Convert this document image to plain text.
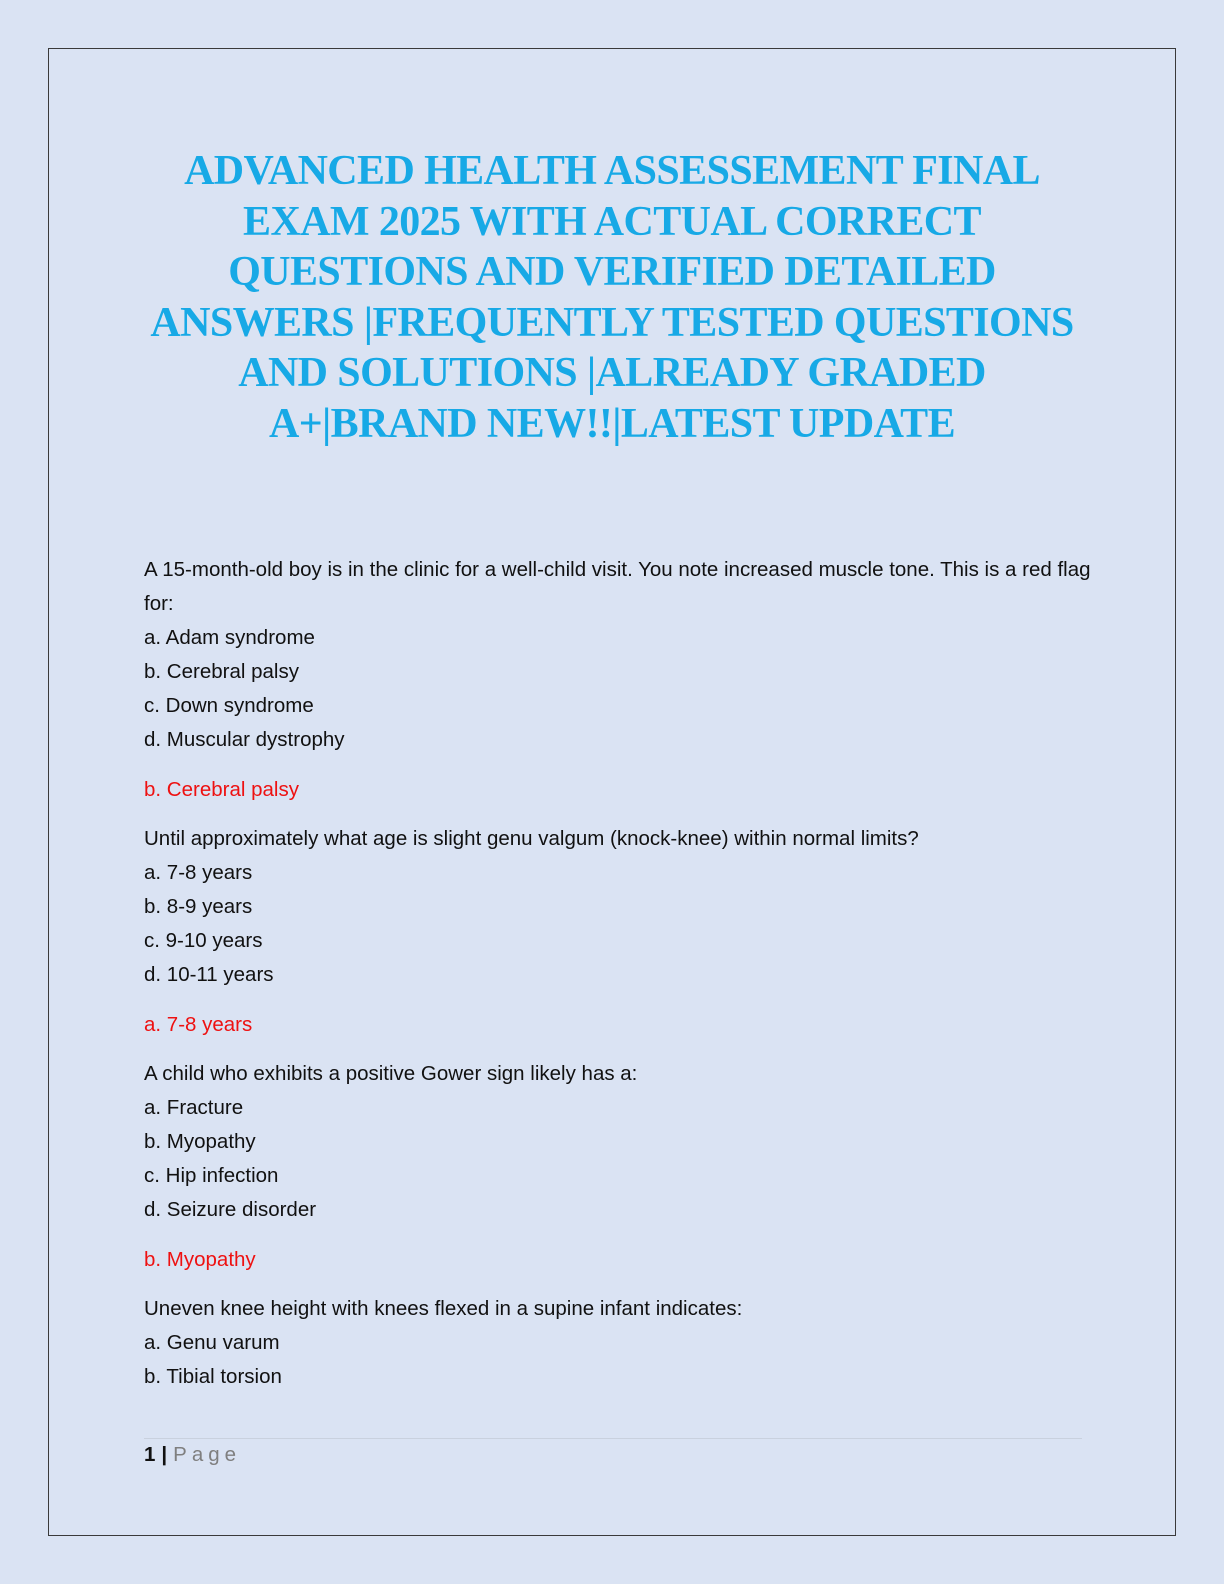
ADVANCED HEALTH ASSESSEMENT FINAL EXAM 2025 WITH ACTUAL CORRECT QUESTIONS AND VERIFIED DETAILED ANSWERS |FREQUENTLY TESTED QUESTIONS AND SOLUTIONS |ALREADY GRADED A+|BRAND NEW!!|LATEST UPDATE

A 15-month-old boy is in the clinic for a well-child visit. You note increased muscle tone. This is a red flag for:

a. Adam syndrome

b. Cerebral palsy

c. Down syndrome

d. Muscular dystrophy

b. Cerebral palsy

Until approximately what age is slight genu valgum (knock-knee) within normal limits?

a. 7-8 years

b. 8-9 years

c. 9-10 years

d. 10-11 years

a. 7-8 years

A child who exhibits a positive Gower sign likely has a:

a. Fracture

b. Myopathy

c. Hip infection

d. Seizure disorder

b. Myopathy

Uneven knee height with knees flexed in a supine infant indicates:

a. Genu varum

b. Tibial torsion

1 | Page
